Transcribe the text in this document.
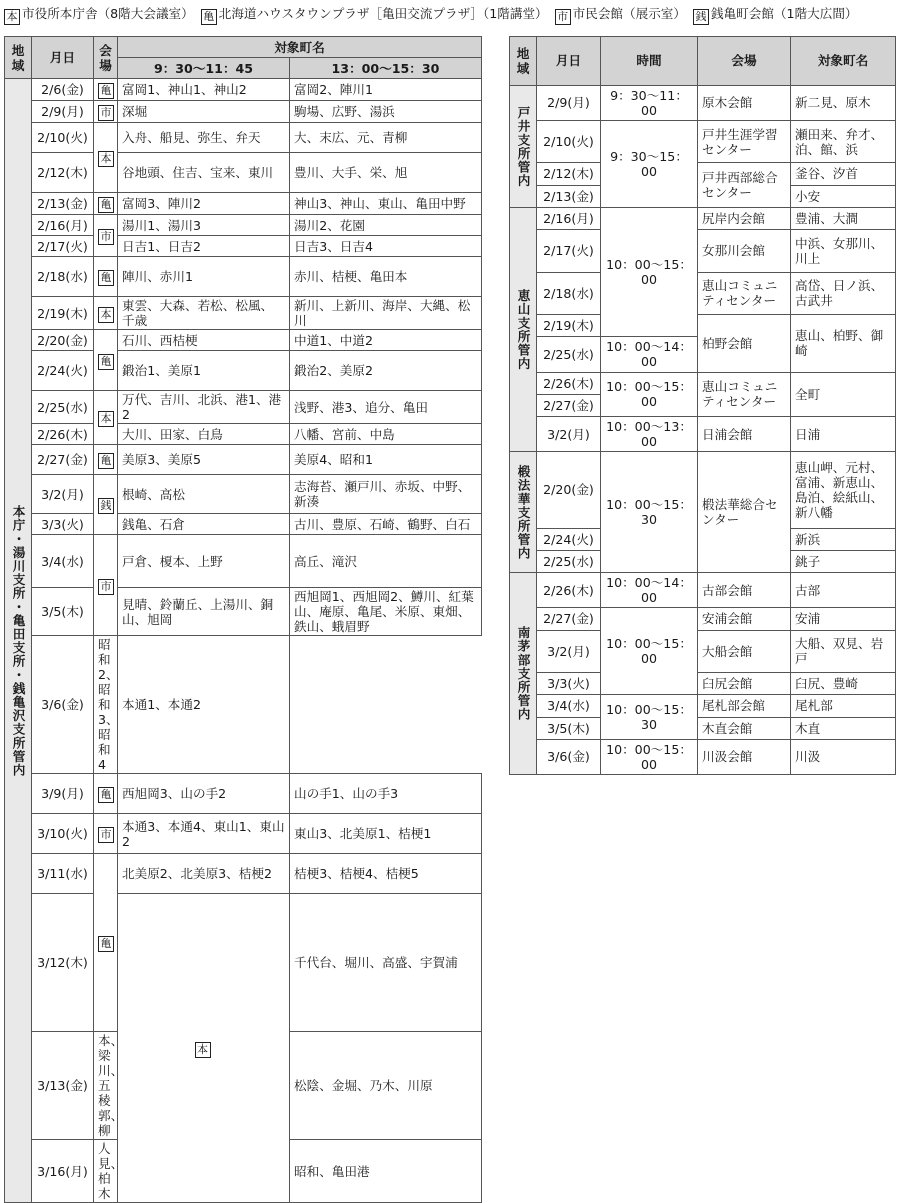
本 市役所本庁舎（8階大会議室） 亀 北海道ハウスタウンプラザ［亀田交流プラザ］（1階講堂） 市 市民会館（展示室） 銭 銭亀町会館（1階大広間）
地域	月日	会場	対象町名		
			9：30～11：45	13：00～15：30	
本庁・湯川支所・亀田支所・銭亀沢支所管内	2/6(金)	亀	富岡1、神山1、神山2	富岡2、陣川1	
	2/9(月)	市	深堀	駒場、広野、湯浜	
	2/10(火)	本	入舟、船見、弥生、弁天	大、末広、元、青柳	
	2/12(木)		谷地頭、住吉、宝来、東川	豊川、大手、栄、旭	
	2/13(金)	亀	富岡3、陣川2	神山3、神山、東山、亀田中野	
	2/16(月)	市	湯川1、湯川3	湯川2、花園	
	2/17(火)		日吉1、日吉2	日吉3、日吉4	
	2/18(水)	亀	陣川、赤川1	赤川、桔梗、亀田本	
	2/19(木)	本	東雲、大森、若松、松風、千歳	新川、上新川、海岸、大縄、松川	
	2/20(金)	亀	石川、西桔梗	中道1、中道2	
	2/24(火)		鍛治1、美原1	鍛治2、美原2	
	2/25(水)	本	万代、吉川、北浜、港1、港2	浅野、港3、追分、亀田	
	2/26(木)		大川、田家、白鳥	八幡、宮前、中島	
	2/27(金)	亀	美原3、美原5	美原4、昭和1	
	3/2(月)	銭	根崎、高松	志海苔、瀬戸川、赤坂、中野、新湊	
	3/3(火)		銭亀、石倉	古川、豊原、石崎、鶴野、白石	
	3/4(水)	市	戸倉、榎本、上野	高丘、滝沢	
	3/5(木)		見晴、鈴蘭丘、上湯川、銅山、旭岡	西旭岡1、西旭岡2、鱒川、紅葉山、庵原、亀尾、米原、東畑、鉄山、蛾眉野	
	3/6(金)	昭和2、昭和3、昭和4	本通1、本通2		
	3/9(月)	亀	西旭岡3、山の手2	山の手1、山の手3	
	3/10(火)	市	本通3、本通4、東山1、東山2	東山3、北美原1、桔梗1	
	3/11(水)	亀	北美原2、北美原3、桔梗2	桔梗3、桔梗4、桔梗5	
	3/12(木)		本	千代台、堀川、高盛、宇賀浦	
	3/13(金)	本、梁川、五稜郭、柳		松陰、金堀、乃木、川原	
	3/16(月)	人見、柏木		昭和、亀田港	
地域	月日	時間	会場	対象町名
戸井支所管内	2/9(月)	9：30～11：00	原木会館	新二見、原木
	2/10(火)	9：30～15：00	戸井生涯学習センター	瀬田来、弁才、泊、館、浜
	2/12(木)		戸井西部総合センター	釜谷、汐首
	2/13(金)			小安
恵山支所管内	2/16(月)	10：00～15：00	尻岸内会館	豊浦、大澗
	2/17(火)		女那川会館	中浜、女那川、川上
	2/18(水)		恵山コミュニティセンター	高岱、日ノ浜、古武井
	2/19(木)		柏野会館	恵山、柏野、御崎
	2/25(水)	10：00～14：00		
	2/26(木)	10：00～15：00	恵山コミュニティセンター	全町
	2/27(金)			
	3/2(月)	10：00～13：00	日浦会館	日浦
椴法華支所管内	2/20(金)	10：00～15：30	椴法華総合センター	恵山岬、元村、富浦、新恵山、島泊、絵紙山、新八幡
	2/24(火)			新浜
	2/25(水)			銚子
南茅部支所管内	2/26(木)	10：00～14：00	古部会館	古部
	2/27(金)	10：00～15：00	安浦会館	安浦
	3/2(月)		大船会館	大船、双見、岩戸
	3/3(火)		臼尻会館	臼尻、豊崎
	3/4(水)	10：00～15：30	尾札部会館	尾札部
	3/5(木)		木直会館	木直
	3/6(金)	10：00～15：00	川汲会館	川汲
